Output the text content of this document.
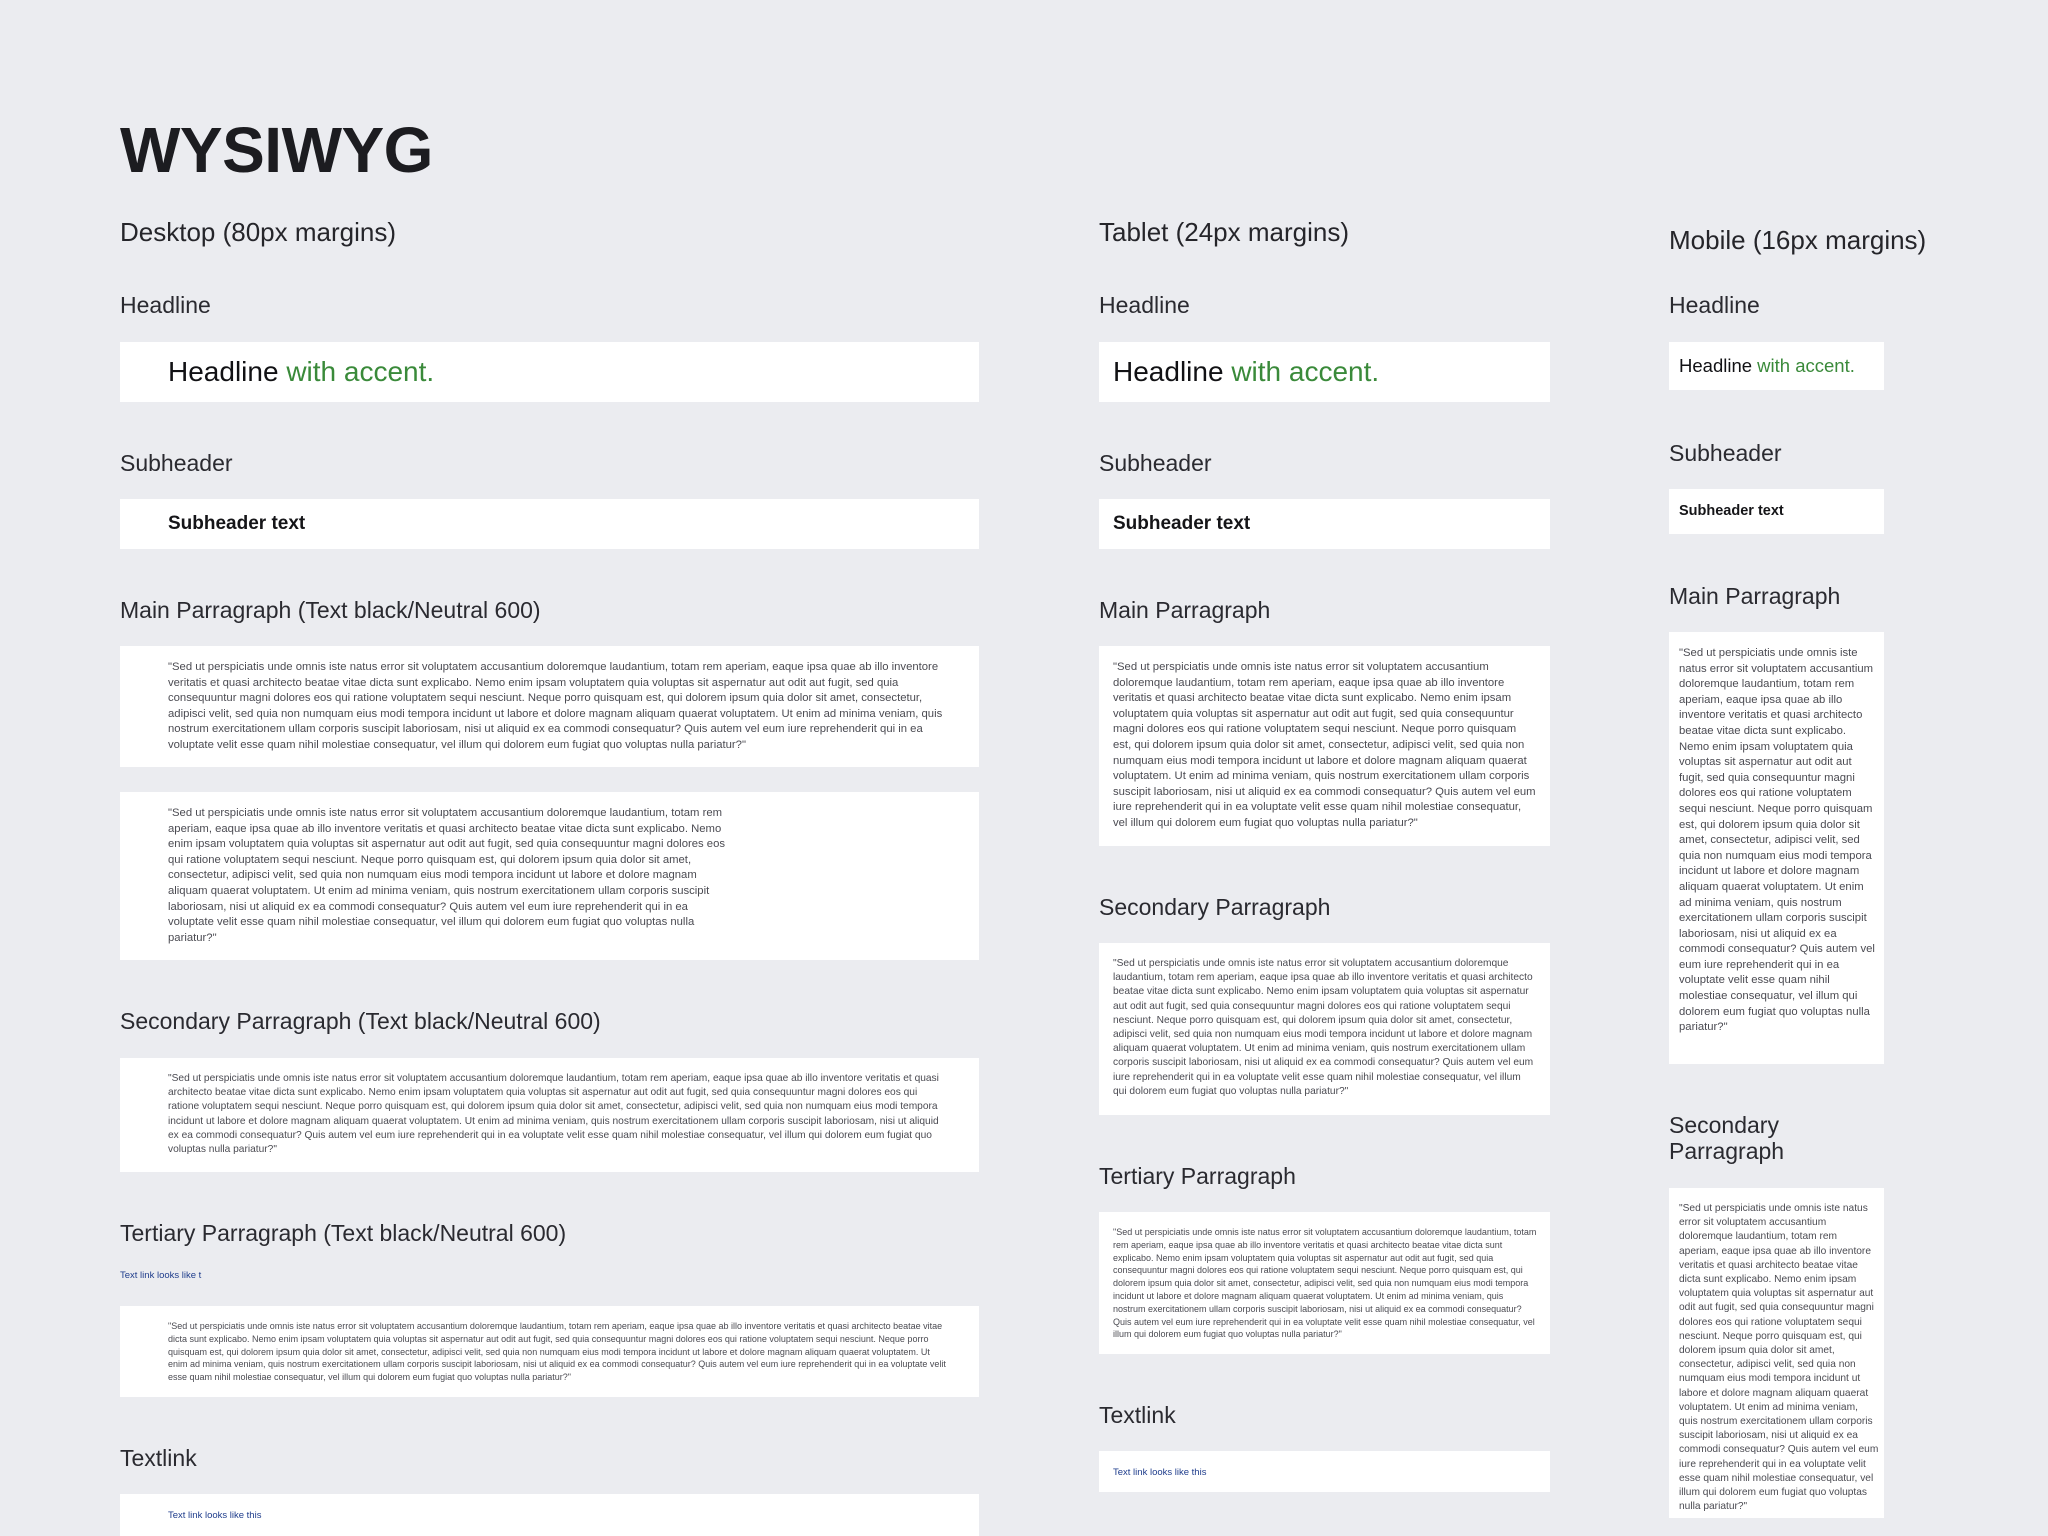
WYSIWYG
Desktop (80px margins)
Headline
Headline with accent.
Subheader
Subheader text
Main Parragraph (Text black/Neutral 600)
"Sed ut perspiciatis unde omnis iste natus error sit voluptatem accusantium doloremque laudantium, totam rem aperiam, eaque ipsa quae ab illo inventore veritatis et quasi architecto beatae vitae dicta sunt explicabo. Nemo enim ipsam voluptatem quia voluptas sit aspernatur aut odit aut fugit, sed quia consequuntur magni dolores eos qui ratione voluptatem sequi nesciunt. Neque porro quisquam est, qui dolorem ipsum quia dolor sit amet, consectetur, adipisci velit, sed quia non numquam eius modi tempora incidunt ut labore et dolore magnam aliquam quaerat voluptatem. Ut enim ad minima veniam, quis nostrum exercitationem ullam corporis suscipit laboriosam, nisi ut aliquid ex ea commodi consequatur? Quis autem vel eum iure reprehenderit qui in ea voluptate velit esse quam nihil molestiae consequatur, vel illum qui dolorem eum fugiat quo voluptas nulla pariatur?"
"Sed ut perspiciatis unde omnis iste natus error sit voluptatem accusantium doloremque laudantium, totam rem aperiam, eaque ipsa quae ab illo inventore veritatis et quasi architecto beatae vitae dicta sunt explicabo. Nemo enim ipsam voluptatem quia voluptas sit aspernatur aut odit aut fugit, sed quia consequuntur magni dolores eos qui ratione voluptatem sequi nesciunt. Neque porro quisquam est, qui dolorem ipsum quia dolor sit amet, consectetur, adipisci velit, sed quia non numquam eius modi tempora incidunt ut labore et dolore magnam aliquam quaerat voluptatem. Ut enim ad minima veniam, quis nostrum exercitationem ullam corporis suscipit laboriosam, nisi ut aliquid ex ea commodi consequatur? Quis autem vel eum iure reprehenderit qui in ea voluptate velit esse quam nihil molestiae consequatur, vel illum qui dolorem eum fugiat quo voluptas nulla pariatur?"
Secondary Parragraph (Text black/Neutral 600)
"Sed ut perspiciatis unde omnis iste natus error sit voluptatem accusantium doloremque laudantium, totam rem aperiam, eaque ipsa quae ab illo inventore veritatis et quasi architecto beatae vitae dicta sunt explicabo. Nemo enim ipsam voluptatem quia voluptas sit aspernatur aut odit aut fugit, sed quia consequuntur magni dolores eos qui ratione voluptatem sequi nesciunt. Neque porro quisquam est, qui dolorem ipsum quia dolor sit amet, consectetur, adipisci velit, sed quia non numquam eius modi tempora incidunt ut labore et dolore magnam aliquam quaerat voluptatem. Ut enim ad minima veniam, quis nostrum exercitationem ullam corporis suscipit laboriosam, nisi ut aliquid ex ea commodi consequatur? Quis autem vel eum iure reprehenderit qui in ea voluptate velit esse quam nihil molestiae consequatur, vel illum qui dolorem eum fugiat quo voluptas nulla pariatur?"
Tertiary Parragraph (Text black/Neutral 600)
Text link looks like t
"Sed ut perspiciatis unde omnis iste natus error sit voluptatem accusantium doloremque laudantium, totam rem aperiam, eaque ipsa quae ab illo inventore veritatis et quasi architecto beatae vitae dicta sunt explicabo. Nemo enim ipsam voluptatem quia voluptas sit aspernatur aut odit aut fugit, sed quia consequuntur magni dolores eos qui ratione voluptatem sequi nesciunt. Neque porro quisquam est, qui dolorem ipsum quia dolor sit amet, consectetur, adipisci velit, sed quia non numquam eius modi tempora incidunt ut labore et dolore magnam aliquam quaerat voluptatem. Ut enim ad minima veniam, quis nostrum exercitationem ullam corporis suscipit laboriosam, nisi ut aliquid ex ea commodi consequatur? Quis autem vel eum iure reprehenderit qui in ea voluptate velit esse quam nihil molestiae consequatur, vel illum qui dolorem eum fugiat quo voluptas nulla pariatur?"
Textlink
Text link looks like this
Tablet (24px margins)
Headline
Headline with accent.
Subheader
Subheader text
Main Parragraph
"Sed ut perspiciatis unde omnis iste natus error sit voluptatem accusantium doloremque laudantium, totam rem aperiam, eaque ipsa quae ab illo inventore veritatis et quasi architecto beatae vitae dicta sunt explicabo. Nemo enim ipsam voluptatem quia voluptas sit aspernatur aut odit aut fugit, sed quia consequuntur magni dolores eos qui ratione voluptatem sequi nesciunt. Neque porro quisquam est, qui dolorem ipsum quia dolor sit amet, consectetur, adipisci velit, sed quia non numquam eius modi tempora incidunt ut labore et dolore magnam aliquam quaerat voluptatem. Ut enim ad minima veniam, quis nostrum exercitationem ullam corporis suscipit laboriosam, nisi ut aliquid ex ea commodi consequatur? Quis autem vel eum iure reprehenderit qui in ea voluptate velit esse quam nihil molestiae consequatur, vel illum qui dolorem eum fugiat quo voluptas nulla pariatur?"
Secondary Parragraph
"Sed ut perspiciatis unde omnis iste natus error sit voluptatem accusantium doloremque laudantium, totam rem aperiam, eaque ipsa quae ab illo inventore veritatis et quasi architecto beatae vitae dicta sunt explicabo. Nemo enim ipsam voluptatem quia voluptas sit aspernatur aut odit aut fugit, sed quia consequuntur magni dolores eos qui ratione voluptatem sequi nesciunt. Neque porro quisquam est, qui dolorem ipsum quia dolor sit amet, consectetur, adipisci velit, sed quia non numquam eius modi tempora incidunt ut labore et dolore magnam aliquam quaerat voluptatem. Ut enim ad minima veniam, quis nostrum exercitationem ullam corporis suscipit laboriosam, nisi ut aliquid ex ea commodi consequatur? Quis autem vel eum iure reprehenderit qui in ea voluptate velit esse quam nihil molestiae consequatur, vel illum qui dolorem eum fugiat quo voluptas nulla pariatur?"
Tertiary Parragraph
"Sed ut perspiciatis unde omnis iste natus error sit voluptatem accusantium doloremque laudantium, totam rem aperiam, eaque ipsa quae ab illo inventore veritatis et quasi architecto beatae vitae dicta sunt explicabo. Nemo enim ipsam voluptatem quia voluptas sit aspernatur aut odit aut fugit, sed quia consequuntur magni dolores eos qui ratione voluptatem sequi nesciunt. Neque porro quisquam est, qui dolorem ipsum quia dolor sit amet, consectetur, adipisci velit, sed quia non numquam eius modi tempora incidunt ut labore et dolore magnam aliquam quaerat voluptatem. Ut enim ad minima veniam, quis nostrum exercitationem ullam corporis suscipit laboriosam, nisi ut aliquid ex ea commodi consequatur? Quis autem vel eum iure reprehenderit qui in ea voluptate velit esse quam nihil molestiae consequatur, vel illum qui dolorem eum fugiat quo voluptas nulla pariatur?"
Textlink
Text link looks like this
Mobile (16px margins)
Headline
Headline with accent.
Subheader
Subheader text
Main Parragraph
"Sed ut perspiciatis unde omnis iste natus error sit voluptatem accusantium doloremque laudantium, totam rem aperiam, eaque ipsa quae ab illo inventore veritatis et quasi architecto beatae vitae dicta sunt explicabo. Nemo enim ipsam voluptatem quia voluptas sit aspernatur aut odit aut fugit, sed quia consequuntur magni dolores eos qui ratione voluptatem sequi nesciunt. Neque porro quisquam est, qui dolorem ipsum quia dolor sit amet, consectetur, adipisci velit, sed quia non numquam eius modi tempora incidunt ut labore et dolore magnam aliquam quaerat voluptatem. Ut enim ad minima veniam, quis nostrum exercitationem ullam corporis suscipit laboriosam, nisi ut aliquid ex ea commodi consequatur? Quis autem vel eum iure reprehenderit qui in ea voluptate velit esse quam nihil molestiae consequatur, vel illum qui dolorem eum fugiat quo voluptas nulla pariatur?"
Secondary Parragraph
"Sed ut perspiciatis unde omnis iste natus error sit voluptatem accusantium doloremque laudantium, totam rem aperiam, eaque ipsa quae ab illo inventore veritatis et quasi architecto beatae vitae dicta sunt explicabo. Nemo enim ipsam voluptatem quia voluptas sit aspernatur aut odit aut fugit, sed quia consequuntur magni dolores eos qui ratione voluptatem sequi nesciunt. Neque porro quisquam est, qui dolorem ipsum quia dolor sit amet, consectetur, adipisci velit, sed quia non numquam eius modi tempora incidunt ut labore et dolore magnam aliquam quaerat voluptatem. Ut enim ad minima veniam, quis nostrum exercitationem ullam corporis suscipit laboriosam, nisi ut aliquid ex ea commodi consequatur? Quis autem vel eum iure reprehenderit qui in ea voluptate velit esse quam nihil molestiae consequatur, vel illum qui dolorem eum fugiat quo voluptas nulla pariatur?"
